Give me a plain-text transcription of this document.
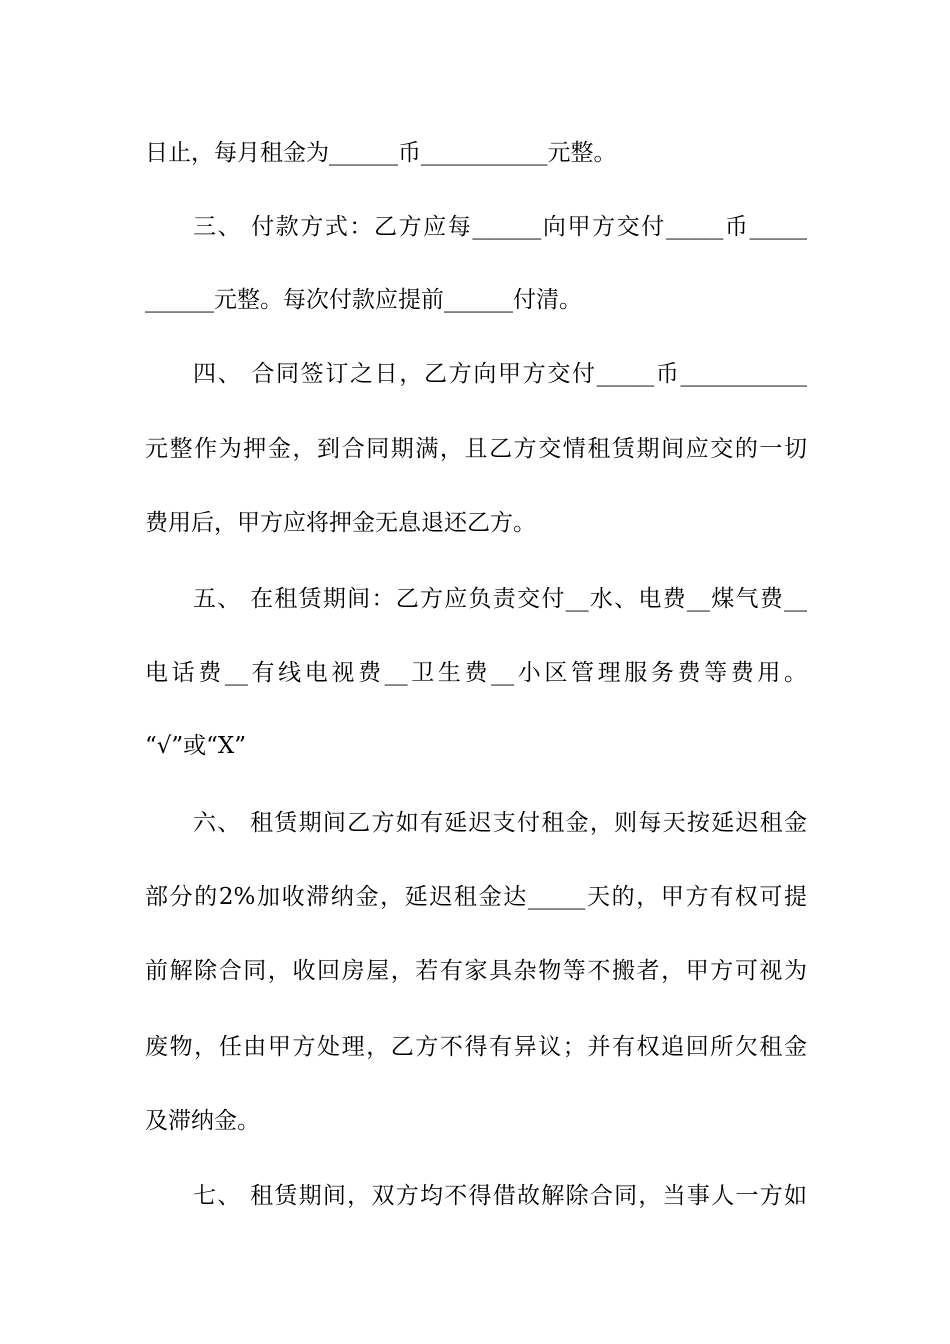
日止，每月租金为______币___________元整。
三、 付款方式：乙方应每______向甲方交付_____币_____
______元整。每次付款应提前______付清。
四、 合同签订之日，乙方向甲方交付_____币___________
元整作为押金，到合同期满，且乙方交情租赁期间应交的一切
费用后，甲方应将押金无息退还乙方。
五、 在租赁期间：乙方应负责交付__水、电费__煤气费__
电话费__有线电视费__卫生费__小区管理服务费等费用。
“√”或“X”
六、 租赁期间乙方如有延迟支付租金，则每天按延迟租金
部分的2%加收滞纳金，延迟租金达_____天的，甲方有权可提
前解除合同，收回房屋，若有家具杂物等不搬者，甲方可视为
废物，任由甲方处理，乙方不得有异议；并有权追回所欠租金
及滞纳金。
七、 租赁期间，双方均不得借故解除合同，当事人一方如
